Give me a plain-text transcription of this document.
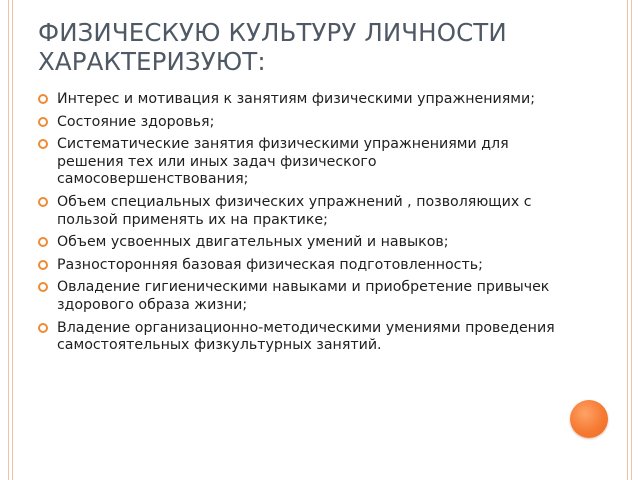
ФИЗИЧЕСКУЮ КУЛЬТУРУ ЛИЧНОСТИ ХАРАКТЕРИЗУЮТ:
Интерес и мотивация к занятиям физическими упражнениями;
Состояние здоровья;
Систематические занятия физическими упражнениями для решения тех или иных задач физического самосовершенствования;
Объем специальных физических упражнений , позволяющих с пользой применять их на практике;
Объем усвоенных двигательных умений и навыков;
Разносторонняя базовая физическая подготовленность;
Овладение гигиеническими навыками и приобретение привычек здорового образа жизни;
Владение организационно-методическими умениями проведения самостоятельных физкультурных занятий.
